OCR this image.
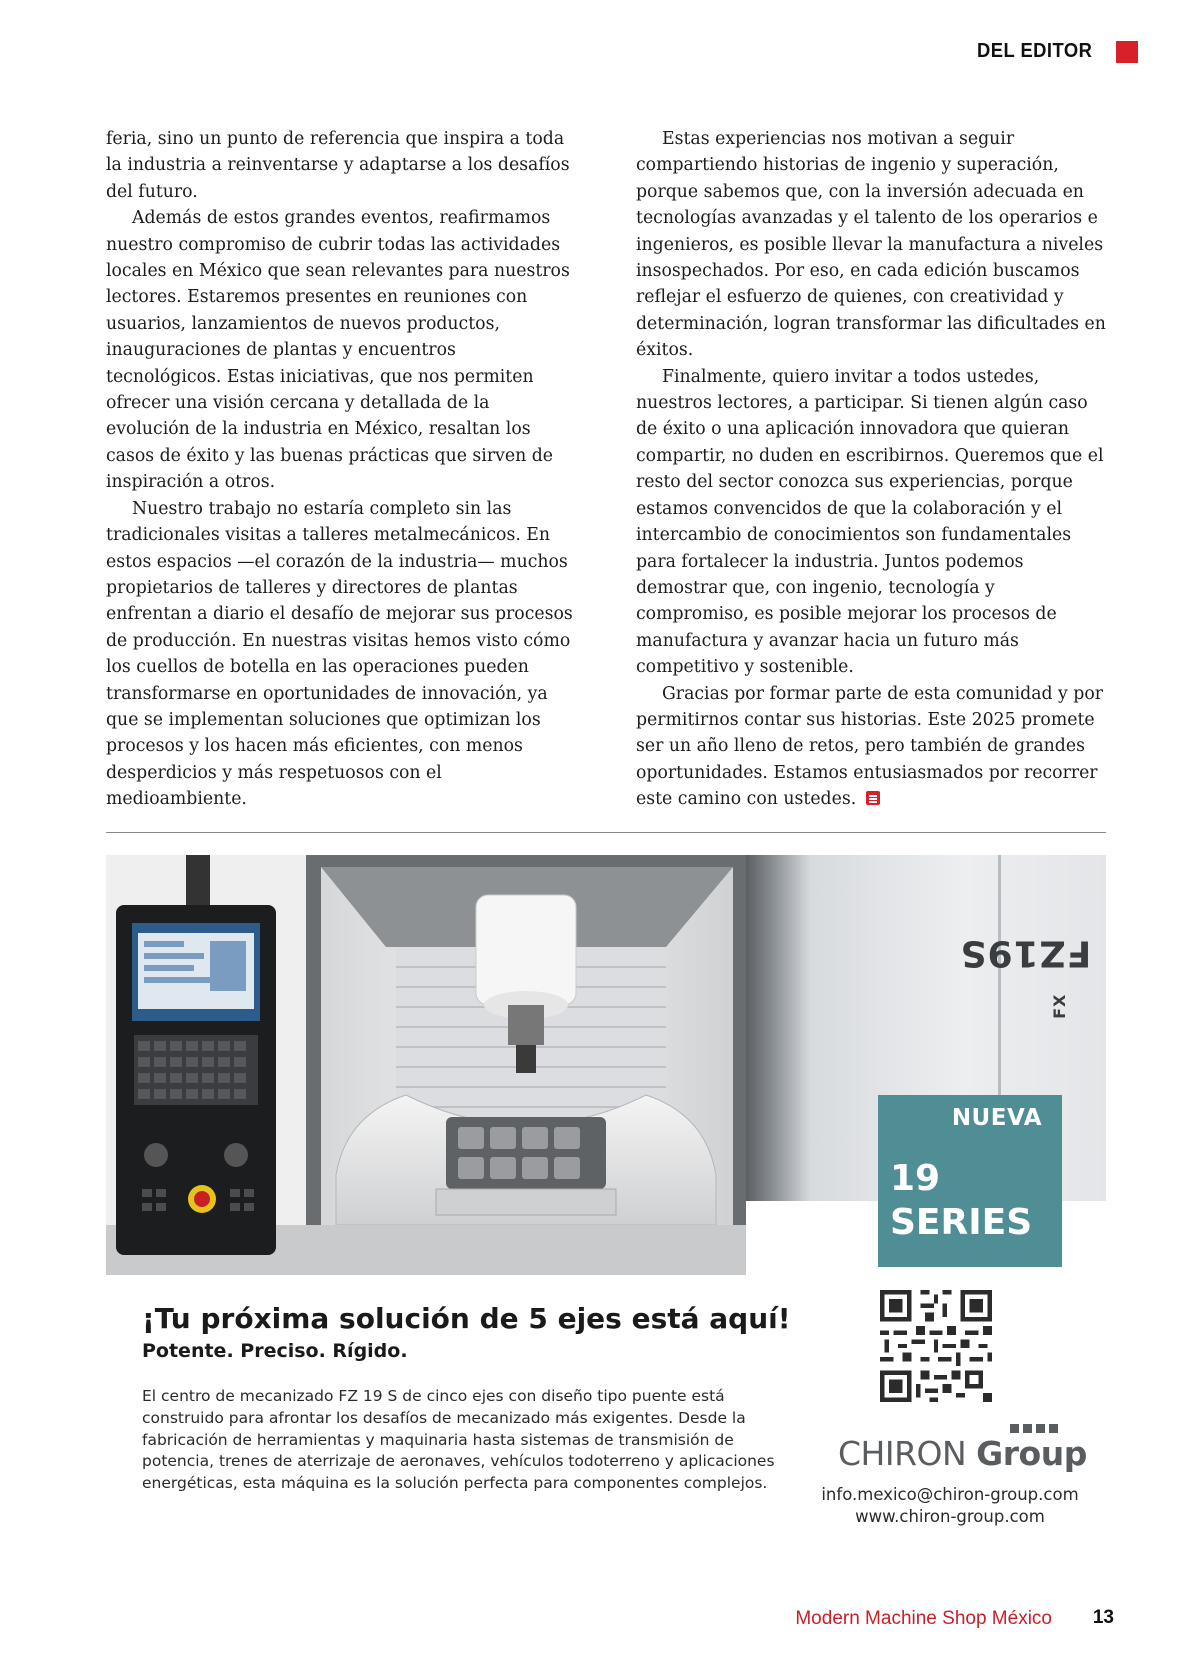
DEL EDITOR

feria, sino un punto de referencia que inspira a toda la industria a reinventarse y adaptarse a los desafíos del futuro.

Además de estos grandes eventos, reafirmamos nuestro compromiso de cubrir todas las actividades locales en México que sean relevantes para nuestros lectores. Estaremos presentes en reuniones con usuarios, lanzamientos de nuevos productos, inauguraciones de plantas y encuentros tecnológicos. Estas iniciativas, que nos permiten ofrecer una visión cercana y detallada de la evolución de la industria en México, resaltan los casos de éxito y las buenas prácticas que sirven de inspiración a otros.

Nuestro trabajo no estaría completo sin las tradicionales visitas a talleres metalmecánicos. En estos espacios —el corazón de la industria— muchos propietarios de talleres y directores de plantas enfrentan a diario el desafío de mejorar sus procesos de producción. En nuestras visitas hemos visto cómo los cuellos de botella en las operaciones pueden transformarse en oportunidades de innovación, ya que se implementan soluciones que optimizan los procesos y los hacen más eficientes, con menos desperdicios y más respetuosos con el medioambiente.

Estas experiencias nos motivan a seguir compartiendo historias de ingenio y superación, porque sabemos que, con la inversión adecuada en tecnologías avanzadas y el talento de los operarios e ingenieros, es posible llevar la manufactura a niveles insospechados. Por eso, en cada edición buscamos reflejar el esfuerzo de quienes, con creatividad y determinación, logran transformar las dificultades en éxitos.

Finalmente, quiero invitar a todos ustedes, nuestros lectores, a participar. Si tienen algún caso de éxito o una aplicación innovadora que quieran compartir, no duden en escribirnos. Queremos que el resto del sector conozca sus experiencias, porque estamos convencidos de que la colaboración y el intercambio de conocimientos son fundamentales para fortalecer la industria. Juntos podemos demostrar que, con ingenio, tecnología y compromiso, es posible mejorar los procesos de manufactura y avanzar hacia un futuro más competitivo y sostenible.

Gracias por formar parte de esta comunidad y por permitirnos contar sus historias. Este 2025 promete ser un año lleno de retos, pero también de grandes oportunidades. Estamos entusiasmados por recorrer este camino con ustedes.

FZ19S
$^{FX}$
NUEVA
19
SERIES
¡Tu próxima solución de 5 ejes está aquí!
Potente. Preciso. Rígido.
El centro de mecanizado FZ 19 S de cinco ejes con diseño tipo puente está construido para afrontar los desafíos de mecanizado más exigentes. Desde la fabricación de herramientas y maquinaria hasta sistemas de transmisión de potencia, trenes de aterrizaje de aeronaves, vehículos todoterreno y aplicaciones energéticas, esta máquina es la solución perfecta para componentes complejos.
CHIRON Group
info.mexico@chiron-group.com
www.chiron-group.com
Modern Machine Shop México 13
